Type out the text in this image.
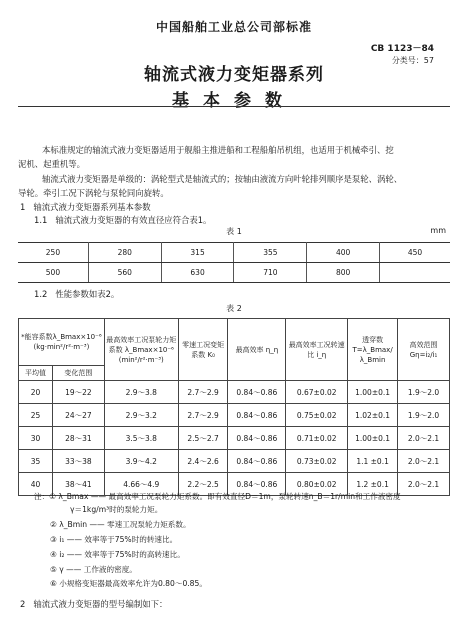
中国船舶工业总公司部标准
CB 1123－84
分类号：57
轴流式液力变矩器系列
基本参数
本标准规定的轴流式液力变矩器适用于舰船主推进船和工程船舶吊机组，也适用于机械牵引、挖
泥机、起重机等。
轴流式液力变矩器是单级的：涡轮型式是轴流式的；按轴由液流方向叶轮排列顺序是泵轮、涡轮、
导轮。牵引工况下涡轮与泵轮同向旋转。
1 轴流式液力变矩器系列基本参数
1.1 轴流式液力变矩器的有效直径应符合表1。
表 1	mm
250	280	315	355	400	450
500	560	630	710	800	
1.2 性能参数如表2。
表 2
*能容系数λ_Bmax×10⁻⁶ (kg·min²/r²·m⁻³)		最高效率工况泵轮力矩系数 λ_Bmax×10⁻⁶ (min²/r²·m⁻³)	零速工况变矩系数 K₀	最高效率 η_η	最高效率工况转速比 i_η	透穿数 T=λ_Bmax/λ_Bmin	高效范围 Gη=i₂/i₁
平均值	变化范围						
20	19～22	2.9～3.8	2.7～2.9	0.84～0.86	0.67±0.02	1.00±0.1	1.9～2.0
25	24～27	2.9～3.2	2.7～2.9	0.84～0.86	0.75±0.02	1.02±0.1	1.9～2.0
30	28～31	3.5～3.8	2.5～2.7	0.84～0.86	0.71±0.02	1.00±0.1	2.0～2.1
35	33～38	3.9～4.2	2.4～2.6	0.84～0.86	0.73±0.02	1.1 ±0.1	2.0～2.1
40	38～41	4.66～4.9	2.2～2.5	0.84～0.86	0.80±0.02	1.2 ±0.1	2.0～2.1
注：① λ_Bmax —— 最高效率工况泵轮力矩系数。即有效直径D＝1m，泵轮转速n_B＝1r/min和工作液密度
γ＝1kg/m³时的泵轮力矩。
② λ_Bmin —— 零速工况泵轮力矩系数。
③ i₁ —— 效率等于75%时的转速比。
④ i₂ —— 效率等于75%时的高转速比。
⑤ γ —— 工作液的密度。
⑥ 小规格变矩器最高效率允许为0.80～0.85。
2 轴流式液力变矩器的型号编制如下：
